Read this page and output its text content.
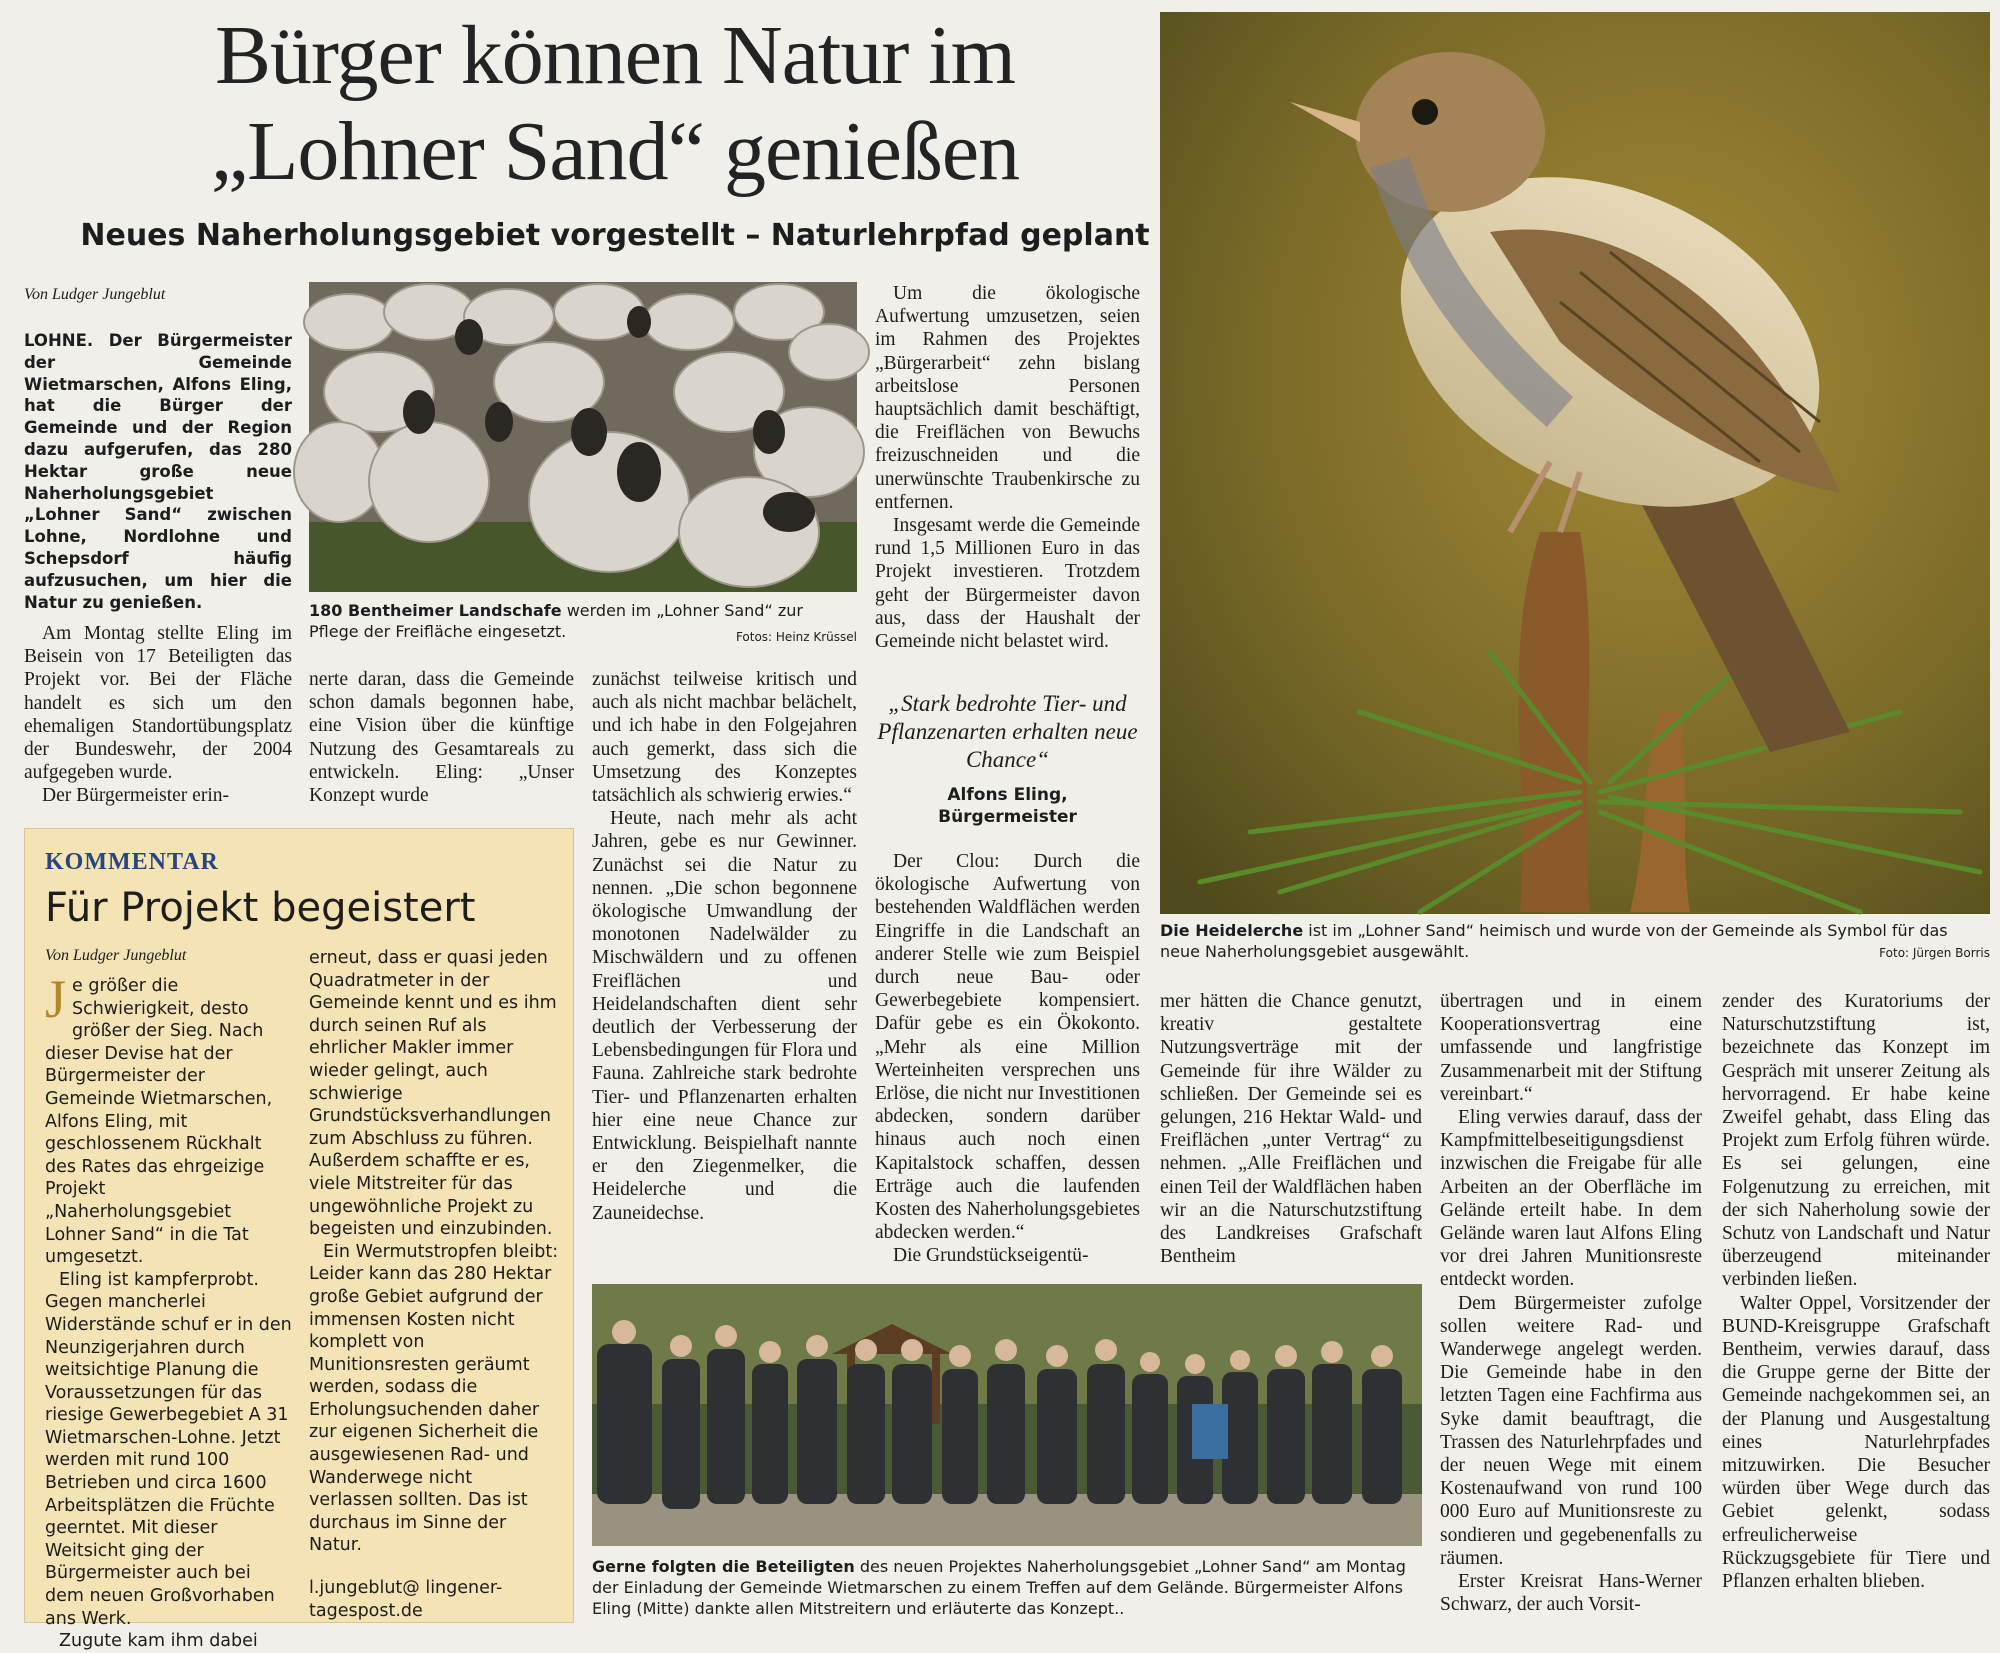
Bürger können Natur im
„Lohner Sand“ genießen
Neues Naherholungsgebiet vorgestellt – Naturlehrpfad geplant
Die Heidelerche ist im „Lohner Sand“ heimisch und wurde von der Gemeinde als Symbol für das neue Naherholungsgebiet ausgewählt.	Foto: Jürgen Borris
Von Ludger Jungeblut
LOHNE. Der Bürgermeister der Gemeinde Wietmarschen, Alfons Eling, hat die Bürger der Gemeinde und der Region dazu aufgerufen, das 280 Hektar große neue Naherholungsgebiet „Lohner Sand“ zwischen Lohne, Nordlohne und Schepsdorf häufig aufzusuchen, um hier die Natur zu genießen.

Am Montag stellte Eling im Beisein von 17 Beteiligten das Projekt vor. Bei der Fläche handelt es sich um den ehemaligen Standortübungsplatz der Bundeswehr, der 2004 aufgegeben wurde.

Der Bürgermeister erin-

180 Bentheimer Landschafe werden im „Lohner Sand“ zur Pflege der Freifläche eingesetzt.	Fotos: Heinz Krüssel

nerte daran, dass die Gemeinde schon damals begonnen habe, eine Vision über die künftige Nutzung des Gesamtareals zu entwickeln. Eling: „Unser Konzept wurde

zunächst teilweise kritisch und auch als nicht machbar belächelt, und ich habe in den Folgejahren auch gemerkt, dass sich die Umsetzung des Konzeptes tatsächlich als schwierig erwies.“

Heute, nach mehr als acht Jahren, gebe es nur Gewinner. Zunächst sei die Natur zu nennen. „Die schon begonnene ökologische Umwandlung der monotonen Nadelwälder zu Mischwäldern und zu offenen Freiflächen und Heidelandschaften dient sehr deutlich der Verbesserung der Lebensbedingungen für Flora und Fauna. Zahlreiche stark bedrohte Tier- und Pflanzenarten erhalten hier eine neue Chance zur Entwicklung. Beispielhaft nannte er den Ziegenmelker, die Heidelerche und die Zauneidechse.

Um die ökologische Aufwertung umzusetzen, seien im Rahmen des Projektes „Bürgerarbeit“ zehn bislang arbeitslose Personen hauptsächlich damit beschäftigt, die Freiflächen von Bewuchs freizuschneiden und die unerwünschte Traubenkirsche zu entfernen.

Insgesamt werde die Gemeinde rund 1,5 Millionen Euro in das Projekt investieren. Trotzdem geht der Bürgermeister davon aus, dass der Haushalt der Gemeinde nicht belastet wird.

„Stark bedrohte Tier- und Pflanzenarten erhalten neue Chance“
Alfons Eling,
Bürgermeister

Der Clou: Durch die ökologische Aufwertung von bestehenden Waldflächen werden Eingriffe in die Landschaft an anderer Stelle wie zum Beispiel durch neue Bau- oder Gewerbegebiete kompensiert. Dafür gebe es ein Ökokonto. „Mehr als eine Million Werteinheiten versprechen uns Erlöse, die nicht nur Investitionen abdecken, sondern darüber hinaus auch noch einen Kapitalstock schaffen, dessen Erträge auch die laufenden Kosten des Naherholungsgebietes abdecken werden.“

Die Grundstückseigentü-

mer hätten die Chance genutzt, kreativ gestaltete Nutzungsverträge mit der Gemeinde für ihre Wälder zu schließen. Der Gemeinde sei es gelungen, 216 Hektar Wald- und Freiflächen „unter Vertrag“ zu nehmen. „Alle Freiflächen und einen Teil der Waldflächen haben wir an die Naturschutzstiftung des Landkreises Grafschaft Bentheim

übertragen und in einem Kooperationsvertrag eine umfassende und langfristige Zusammenarbeit mit der Stiftung vereinbart.“

Eling verwies darauf, dass der Kampfmittelbeseitigungsdienst inzwischen die Freigabe für alle Arbeiten an der Oberfläche im Gelände erteilt habe. In dem Gelände waren laut Alfons Eling vor drei Jahren Munitionsreste entdeckt worden.

Dem Bürgermeister zufolge sollen weitere Rad- und Wanderwege angelegt werden. Die Gemeinde habe in den letzten Tagen eine Fachfirma aus Syke damit beauftragt, die Trassen des Naturlehrpfades und der neuen Wege mit einem Kostenaufwand von rund 100 000 Euro auf Munitionsreste zu sondieren und gegebenenfalls zu räumen.

Erster Kreisrat Hans-Werner Schwarz, der auch Vorsit-

zender des Kuratoriums der Naturschutzstiftung ist, bezeichnete das Konzept im Gespräch mit unserer Zeitung als hervorragend. Er habe keine Zweifel gehabt, dass Eling das Projekt zum Erfolg führen würde. Es sei gelungen, eine Folgenutzung zu erreichen, mit der sich Naherholung sowie der Schutz von Landschaft und Natur überzeugend miteinander verbinden ließen.

Walter Oppel, Vorsitzender der BUND-Kreisgruppe Grafschaft Bentheim, verwies darauf, dass die Gruppe gerne der Bitte der Gemeinde nachgekommen sei, an der Planung und Ausgestaltung eines Naturlehrpfades mitzuwirken. Die Besucher würden über Wege durch das Gebiet gelenkt, sodass erfreulicherweise Rückzugsgebiete für Tiere und Pflanzen erhalten blieben.

Gerne folgten die Beteiligten des neuen Projektes Naherholungsgebiet „Lohner Sand“ am Montag der Einladung der Gemeinde Wietmarschen zu einem Treffen auf dem Gelände. Bürgermeister Alfons Eling (Mitte) dankte allen Mitstreitern und erläuterte das Konzept..
KOMMENTAR
Für Projekt begeistert
Von Ludger Jungeblut

Je größer die Schwierigkeit, desto größer der Sieg. Nach dieser Devise hat der Bürgermeister der Gemeinde Wietmarschen, Alfons Eling, mit geschlossenem Rückhalt des Rates das ehrgeizige Projekt „Naherholungsgebiet Lohner Sand“ in die Tat umgesetzt.

Eling ist kampferprobt. Gegen mancherlei Widerstände schuf er in den Neunzigerjahren durch weitsichtige Planung die Voraussetzungen für das riesige Gewerbegebiet A 31 Wietmarschen-Lohne. Jetzt werden mit rund 100 Betrieben und circa 1600 Arbeitsplätzen die Früchte geerntet. Mit dieser Weitsicht ging der Bürgermeister auch bei dem neuen Großvorhaben ans Werk.

Zugute kam ihm dabei

erneut, dass er quasi jeden Quadratmeter in der Gemeinde kennt und es ihm durch seinen Ruf als ehrlicher Makler immer wieder gelingt, auch schwierige Grundstücksverhandlungen zum Abschluss zu führen. Außerdem schaffte er es, viele Mitstreiter für das ungewöhnliche Projekt zu begeisten und einzubinden.

Ein Wermutstropfen bleibt: Leider kann das 280 Hektar große Gebiet aufgrund der immensen Kosten nicht komplett von Munitionsresten geräumt werden, sodass die Erholungsuchenden daher zur eigenen Sicherheit die ausgewiesenen Rad- und Wanderwege nicht verlassen sollten. Das ist durchaus im Sinne der Natur.

l.jungeblut@ lingener-tagespost.de
